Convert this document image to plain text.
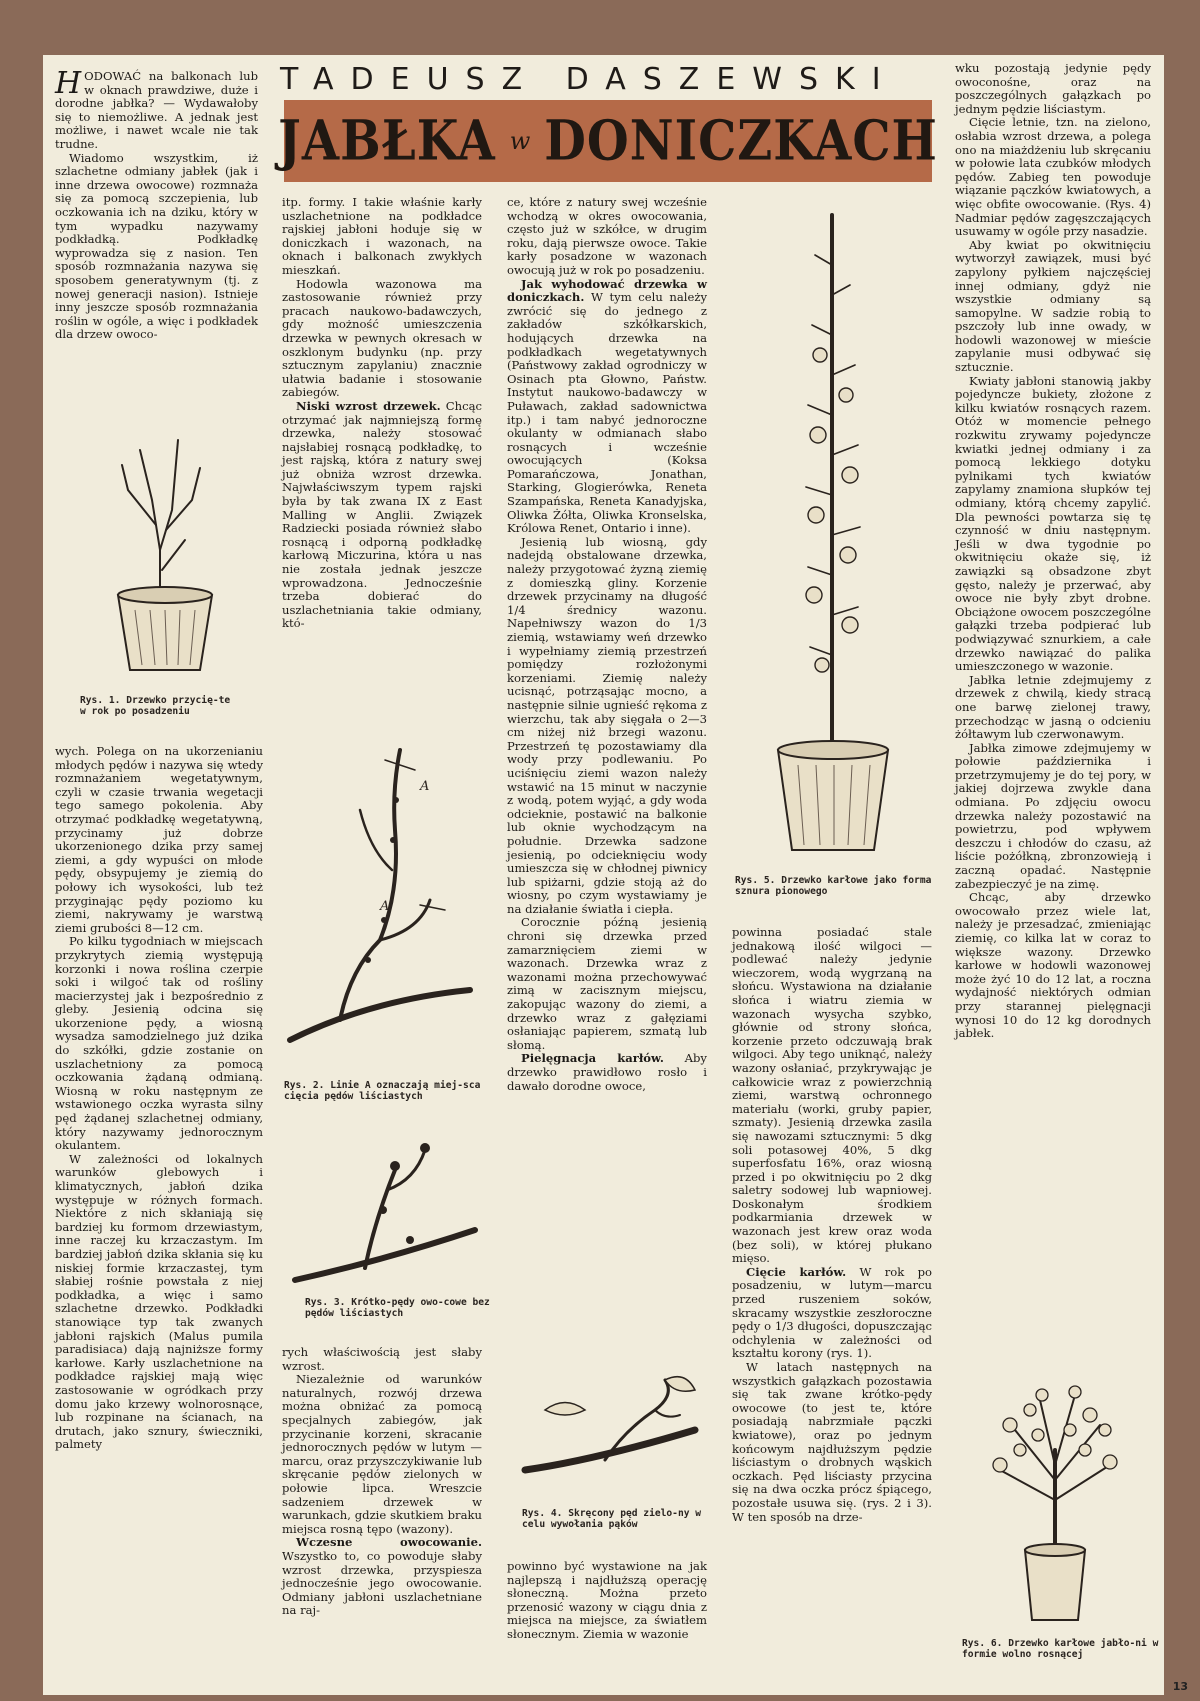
HODOWAĆ na balkonach lub w oknach prawdziwe, duże i dorodne jabłka? — Wydawałoby się to niemożliwe. A jednak jest możliwe, i nawet wcale nie tak trudne.

Wiadomo wszystkim, iż szlachetne odmiany jabłek (jak i inne drzewa owocowe) rozmnaża się za pomocą szczepienia, lub oczkowania ich na dziku, który w tym wypadku nazywamy podkładką. Podkładkę wyprowadza się z nasion. Ten sposób rozmnażania nazywa się sposobem generatywnym (tj. z nowej generacji nasion). Istnieje inny jeszcze sposób rozmnażania roślin w ogóle, a więc i podkładek dla drzew owoco-

TADEUSZ DASZEWSKI
JABŁKA w DONICZKACH
Rys. 1. Drzewko przycię-te w rok po posadzeniu

wych. Polega on na ukorzenianiu młodych pędów i nazywa się wtedy rozmnażaniem wegetatywnym, czyli w czasie trwania wegetacji tego samego pokolenia. Aby otrzymać podkładkę wegetatywną, przycinamy już dobrze ukorzenionego dzika przy samej ziemi, a gdy wypuści on młode pędy, obsypujemy je ziemią do połowy ich wysokości, lub też przyginając pędy poziomo ku ziemi, nakrywamy je warstwą ziemi grubości 8—12 cm.

Po kilku tygodniach w miejscach przykrytych ziemią występują korzonki i nowa roślina czerpie soki i wilgoć tak od rośliny macierzystej jak i bezpośrednio z gleby. Jesienią odcina się ukorzenione pędy, a wiosną wysadza samodzielnego już dzika do szkółki, gdzie zostanie on uszlachetniony za pomocą oczkowania żądaną odmianą. Wiosną w roku następnym ze wstawionego oczka wyrasta silny pęd żądanej szlachetnej odmiany, który nazywamy jednorocznym okulantem.

W zależności od lokalnych warunków glebowych i klimatycznych, jabłoń dzika występuje w różnych formach. Niektóre z nich skłaniają się bardziej ku formom drzewiastym, inne raczej ku krzaczastym. Im bardziej jabłoń dzika skłania się ku niskiej formie krzaczastej, tym słabiej rośnie powstała z niej podkładka, a więc i samo szlachetne drzewko. Podkładki stanowiące typ tak zwanych jabłoni rajskich (Malus pumila paradisiaca) dają najniższe formy karłowe. Karły uszlachetnione na podkładce rajskiej mają więc zastosowanie w ogródkach przy domu jako krzewy wolnorosnące, lub rozpinane na ścianach, na drutach, jako sznury, świeczniki, palmety

itp. formy. I takie właśnie karły uszlachetnione na podkładce rajskiej jabłoni hoduje się w doniczkach i wazonach, na oknach i balkonach zwykłych mieszkań.

Hodowla wazonowa ma zastosowanie również przy pracach naukowo-badawczych, gdy możność umieszczenia drzewka w pewnych okresach w oszklonym budynku (np. przy sztucznym zapylaniu) znacznie ułatwia badanie i stosowanie zabiegów.

Niski wzrost drzewek. Chcąc otrzymać jak najmniejszą formę drzewka, należy stosować najsłabiej rosnącą podkładkę, to jest rajską, która z natury swej już obniża wzrost drzewka. Najwłaściwszym typem rajski była by tak zwana IX z East Malling w Anglii. Związek Radziecki posiada również słabo rosnącą i odporną podkładkę karłową Miczurina, która u nas nie została jednak jeszcze wprowadzona. Jednocześnie trzeba dobierać do uszlachetniania takie odmiany, któ-

A
A
Rys. 2. Linie A oznaczają miej-sca cięcia pędów liściastych
Rys. 3. Krótko-pędy owo-cowe bez pędów liściastych

rych właściwością jest słaby wzrost.

Niezależnie od warunków naturalnych, rozwój drzewa można obniżać za pomocą specjalnych zabiegów, jak przycinanie korzeni, skracanie jednorocznych pędów w lutym — marcu, oraz przyszczykiwanie lub skręcanie pędów zielonych w połowie lipca. Wreszcie sadzeniem drzewek w warunkach, gdzie skutkiem braku miejsca rosną tępo (wazony).

Wczesne owocowanie. Wszystko to, co powoduje słaby wzrost drzewka, przyspiesza jednocześnie jego owocowanie. Odmiany jabłoni uszlachetniane na raj-

ce, które z natury swej wcześnie wchodzą w okres owocowania, często już w szkółce, w drugim roku, dają pierwsze owoce. Takie karły posadzone w wazonach owocują już w rok po posadzeniu.

Jak wyhodować drzewka w doniczkach. W tym celu należy zwrócić się do jednego z zakładów szkółkarskich, hodujących drzewka na podkładkach wegetatywnych (Państwowy zakład ogrodniczy w Osinach pta Głowno, Państw. Instytut naukowo-badawczy w Puławach, zakład sadownictwa itp.) i tam nabyć jednoroczne okulanty w odmianach słabo rosnących i wcześnie owocujących (Koksa Pomarańczowa, Jonathan, Starking, Glogierówka, Reneta Szampańska, Reneta Kanadyjska, Oliwka Żółta, Oliwka Kronselska, Królowa Renet, Ontario i inne).

Jesienią lub wiosną, gdy nadejdą obstalowane drzewka, należy przygotować żyzną ziemię z domieszką gliny. Korzenie drzewek przycinamy na długość 1/4 średnicy wazonu. Napełniwszy wazon do 1/3 ziemią, wstawiamy weń drzewko i wypełniamy ziemią przestrzeń pomiędzy rozłożonymi korzeniami. Ziemię należy ucisnąć, potrząsając mocno, a następnie silnie ugnieść rękoma z wierzchu, tak aby sięgała o 2—3 cm niżej niż brzegi wazonu. Przestrzeń tę pozostawiamy dla wody przy podlewaniu. Po uciśnięciu ziemi wazon należy wstawić na 15 minut w naczynie z wodą, potem wyjąć, a gdy woda odcieknie, postawić na balkonie lub oknie wychodzącym na południe. Drzewka sadzone jesienią, po odcieknięciu wody umieszcza się w chłodnej piwnicy lub spiżarni, gdzie stoją aż do wiosny, po czym wystawiamy je na działanie światła i ciepła.

Corocznie późną jesienią chroni się drzewka przed zamarznięciem ziemi w wazonach. Drzewka wraz z wazonami można przechowywać zimą w zacisznym miejscu, zakopując wazony do ziemi, a drzewko wraz z gałęziami osłaniając papierem, szmatą lub słomą.

Pielęgnacja karłów. Aby drzewko prawidłowo rosło i dawało dorodne owoce,

Rys. 4. Skręcony pęd zielo-ny w celu wywołania pąków

powinno być wystawione na jak najlepszą i najdłuższą operację słoneczną. Można przeto przenosić wazony w ciągu dnia z miejsca na miejsce, za światłem słonecznym. Ziemia w wazonie

Rys. 5. Drzewko karłowe jako forma sznura pionowego

powinna posiadać stale jednakową ilość wilgoci — podlewać należy jedynie wieczorem, wodą wygrzaną na słońcu. Wystawiona na działanie słońca i wiatru ziemia w wazonach wysycha szybko, głównie od strony słońca, korzenie przeto odczuwają brak wilgoci. Aby tego uniknąć, należy wazony osłaniać, przykrywając je całkowicie wraz z powierzchnią ziemi, warstwą ochronnego materiału (worki, gruby papier, szmaty). Jesienią drzewka zasila się nawozami sztucznymi: 5 dkg soli potasowej 40%, 5 dkg superfosfatu 16%, oraz wiosną przed i po okwitnięciu po 2 dkg saletry sodowej lub wapniowej. Doskonałym środkiem podkarmiania drzewek w wazonach jest krew oraz woda (bez soli), w której płukano mięso.

Cięcie karłów. W rok po posadzeniu, w lutym—marcu przed ruszeniem soków, skracamy wszystkie zeszłoroczne pędy o 1/3 długości, dopuszczając odchylenia w zależności od kształtu korony (rys. 1).

W latach następnych na wszystkich gałązkach pozostawia się tak zwane krótko-pędy owocowe (to jest te, które posiadają nabrzmiałe pączki kwiatowe), oraz po jednym końcowym najdłuższym pędzie liściastym o drobnych wąskich oczkach. Pęd liściasty przycina się na dwa oczka prócz śpiącego, pozostałe usuwa się. (rys. 2 i 3). W ten sposób na drze-

wku pozostają jedynie pędy owoconośne, oraz na poszczególnych gałązkach po jednym pędzie liściastym.

Cięcie letnie, tzn. na zielono, osłabia wzrost drzewa, a polega ono na miażdżeniu lub skręcaniu w połowie lata czubków młodych pędów. Zabieg ten powoduje wiązanie pączków kwiatowych, a więc obfite owocowanie. (Rys. 4) Nadmiar pędów zagęszczających usuwamy w ogóle przy nasadzie.

Aby kwiat po okwitnięciu wytworzył zawiązek, musi być zapylony pyłkiem najczęściej innej odmiany, gdyż nie wszystkie odmiany są samopylne. W sadzie robią to pszczoły lub inne owady, w hodowli wazonowej w mieście zapylanie musi odbywać się sztucznie.

Kwiaty jabłoni stanowią jakby pojedyncze bukiety, złożone z kilku kwiatów rosnących razem. Otóż w momencie pełnego rozkwitu zrywamy pojedyncze kwiatki jednej odmiany i za pomocą lekkiego dotyku pylnikami tych kwiatów zapylamy znamiona słupków tej odmiany, którą chcemy zapylić. Dla pewności powtarza się tę czynność w dniu następnym. Jeśli w dwa tygodnie po okwitnięciu okaże się, iż zawiązki są obsadzone zbyt gęsto, należy je przerwać, aby owoce nie były zbyt drobne. Obciążone owocem poszczególne gałązki trzeba podpierać lub podwiązywać sznurkiem, a całe drzewko nawiązać do palika umieszczonego w wazonie.

Jabłka letnie zdejmujemy z drzewek z chwilą, kiedy stracą one barwę zielonej trawy, przechodząc w jasną o odcieniu żółtawym lub czerwonawym.

Jabłka zimowe zdejmujemy w połowie października i przetrzymujemy je do tej pory, w jakiej dojrzewa zwykle dana odmiana. Po zdjęciu owocu drzewka należy pozostawić na powietrzu, pod wpływem deszczu i chłodów do czasu, aż liście pożółkną, zbronzowieją i zaczną opadać. Następnie zabezpieczyć je na zimę.

Chcąc, aby drzewko owocowało przez wiele lat, należy je przesadzać, zmieniając ziemię, co kilka lat w coraz to większe wazony. Drzewko karłowe w hodowli wazonowej może żyć 10 do 12 lat, a roczna wydajność niektórych odmian przy starannej pielęgnacji wynosi 10 do 12 kg dorodnych jabłek.

Rys. 6. Drzewko karłowe jabło-ni w formie wolno rosnącej
13
